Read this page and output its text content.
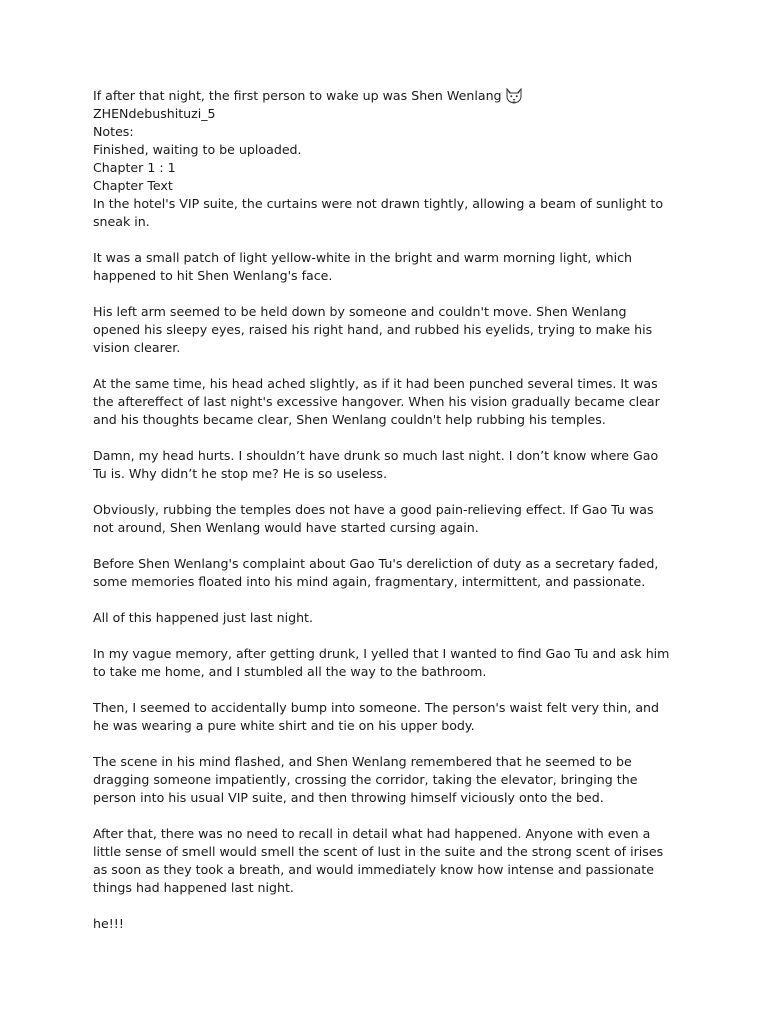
If after that night, the first person to wake up was Shen Wenlang
ZHENdebushituzi_5
Notes:
Finished, waiting to be uploaded.
Chapter 1 : 1
Chapter Text

In the hotel's VIP suite, the curtains were not drawn tightly, allowing a beam of sunlight to sneak in.

It was a small patch of light yellow-white in the bright and warm morning light, which happened to hit Shen Wenlang's face.

His left arm seemed to be held down by someone and couldn't move. Shen Wenlang opened his sleepy eyes, raised his right hand, and rubbed his eyelids, trying to make his vision clearer.

At the same time, his head ached slightly, as if it had been punched several times. It was the aftereffect of last night's excessive hangover. When his vision gradually became clear and his thoughts became clear, Shen Wenlang couldn't help rubbing his temples.

Damn, my head hurts. I shouldn’t have drunk so much last night. I don’t know where Gao Tu is. Why didn’t he stop me? He is so useless.

Obviously, rubbing the temples does not have a good pain-relieving effect. If Gao Tu was not around, Shen Wenlang would have started cursing again.

Before Shen Wenlang's complaint about Gao Tu's dereliction of duty as a secretary faded, some memories floated into his mind again, fragmentary, intermittent, and passionate.

All of this happened just last night.

In my vague memory, after getting drunk, I yelled that I wanted to find Gao Tu and ask him to take me home, and I stumbled all the way to the bathroom.

Then, I seemed to accidentally bump into someone. The person's waist felt very thin, and he was wearing a pure white shirt and tie on his upper body.

The scene in his mind flashed, and Shen Wenlang remembered that he seemed to be dragging someone impatiently, crossing the corridor, taking the elevator, bringing the person into his usual VIP suite, and then throwing himself viciously onto the bed.

After that, there was no need to recall in detail what had happened. Anyone with even a little sense of smell would smell the scent of lust in the suite and the strong scent of irises as soon as they took a breath, and would immediately know how intense and passionate things had happened last night.

he!!!
